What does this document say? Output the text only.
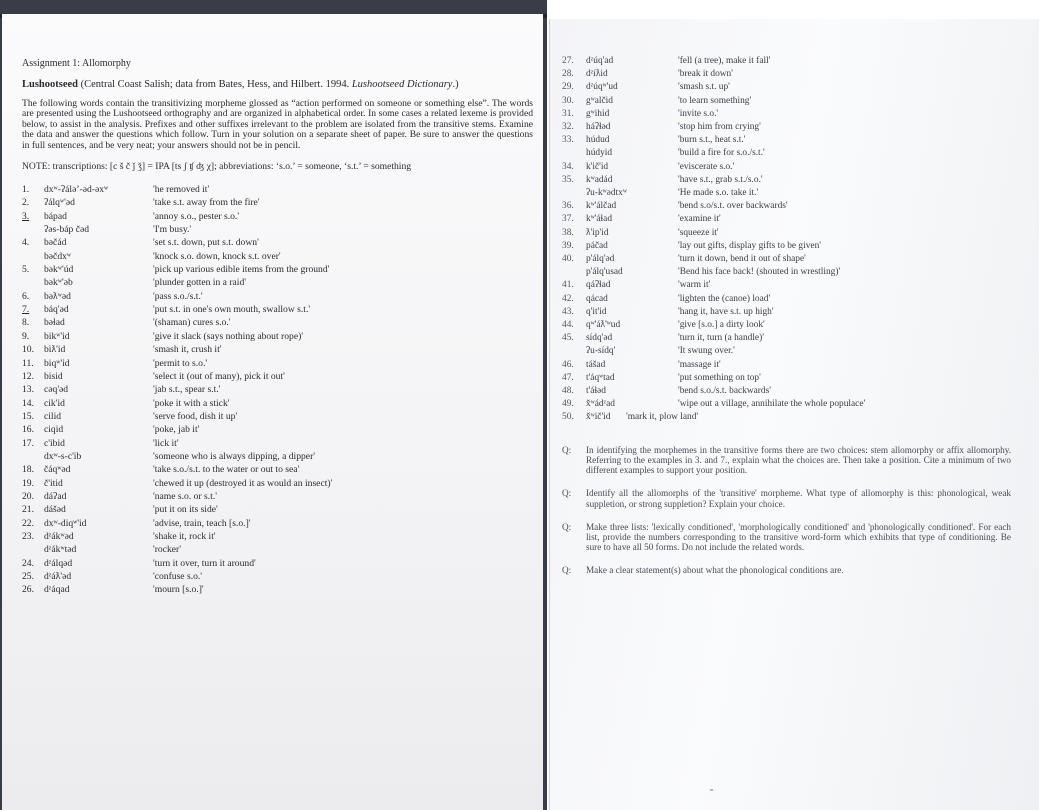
Assignment 1: Allomorphy
Lushootseed (Central Coast Salish; data from Bates, Hess, and Hilbert. 1994. Lushootseed Dictionary.)
The following words contain the transitivizing morpheme glossed as “action performed on someone or something else”. The words are presented using the Lushootseed orthography and are organized in alphabetical order. In some cases a related lexeme is provided below, to assist in the analysis. Prefixes and other suffixes irrelevant to the problem are isolated from the transitive stems. Examine the data and answer the questions which follow. Turn in your solution on a separate sheet of paper. Be sure to answer the questions in full sentences, and be very neat; your answers should not be in pencil.
NOTE: transcriptions: [c š č ǰ ǯ] = IPA [ts ʃ ʧ ʤ χ]; abbreviations: ‘s.o.’ = someone, ‘s.t.’ = something
1.	dxʷ-ʔáləʼ-əd-əxʷ	'he removed it'
2.	ʔálqʷ'əd	'take s.t. away from the fire'
3.	bápad	'annoy s.o., pester s.o.'
ʔəs-báp čəd	'I'm busy.'
4.	bəčád	'set s.t. down, put s.t. down'
bəčdxʷ	'knock s.o. down, knock s.t. over'
5.	bəkʷ'úd	'pick up various edible items from the ground'
bəkʷ'əb	'plunder gotten in a raid'
6.	bəƛʷəd	'pass s.o./s.t.'
7.	báq'əd	'put s.t. in one's own mouth, swallow s.t.'
8.	bəɬad	'(shaman) cures s.o.'
9.	bikʷ'id	'give it slack (says nothing about rope)'
10.	biƛ'id	'smash it, crush it'
11.	biqʷ'id	'permit to s.o.'
12.	bisid	'select it (out of many), pick it out'
13.	cəq'əd	'jab s.t., spear s.t.'
14.	cik'id	'poke it with a stick'
15.	cilid	'serve food, dish it up'
16.	ciqid	'poke, jab it'
17.	c'ibid	'lick it'
dxʷ-s-c'ib	'someone who is always dipping, a dipper'
18.	čáqʷəd	'take s.o./s.t. to the water or out to sea'
19.	č'itid	'chewed it up (destroyed it as would an insect)'
20.	dáʔad	'name s.o. or s.t.'
21.	dášəd	'put it on its side'
22.	dxʷ-diqʷ'id	'advise, train, teach [s.o.]'
23.	dᶻákʷəd	'shake it, rock it'
dᶻákʷtəd	'rocker'
24.	dᶻálqəd	'turn it over, turn it around'
25.	dᶻáƛ'əd	'confuse s.o.'
26.	dᶻáqad	'mourn [s.o.]'
27.	dᶻúq'ad	'fell (a tree), make it fall'
28.	dᶻíƛid	'break it down'
29.	dᶻúqʷ'ud	'smash s.t. up'
30.	gʷalčid	'to learn something'
31.	gʷihid	'invite s.o.'
32.	háʔɬəd	'stop him from crying'
33.	húdud	'burn s.t., heat s.t.'
húdyid	'build a fire for s.o./s.t.'
34.	k'ič'id	'eviscerate s.o.'
35.	kʷadád	'have s.t., grab s.t./s.o.'
ʔu-kʷədtxʷ	'He made s.o. take it.'
36.	kʷ'álčad	'bend s.o/s.t. over backwards'
37.	kʷ'áɬad	'examine it'
38.	ƛ'ip'id	'squeeze it'
39.	páčad	'lay out gifts, display gifts to be given'
40.	p'álq'əd	'turn it down, bend it out of shape'
p'álq'usad	'Bend his face back! (shouted in wrestling)'
41.	qáʔɬad	'warm it'
42.	qácad	'lighten the (canoe) load'
43.	q'it'id	'hang it, have s.t. up high'
44.	qʷ'áƛ'ʷud	'give [s.o.] a dirty look'
45.	sídq'əd	'turn it, turn (a handle)'
ʔu-sídq'	'It swung over.'
46.	tášad	'massage it'
47.	t'áqʷtad	'put something on top'
48.	t'áɬəd	'bend s.o./s.t. backwards'
49.	x̌ʷádᶻad	'wipe out a village, annihilate the whole populace'
50.	x̌ʷič'id	'mark it, plow land'
Q:	In identifying the morphemes in the transitive forms there are two choices: stem allomorphy or affix allomorphy. Referring to the examples in 3. and 7., explain what the choices are. Then take a position. Cite a minimum of two different examples to support your position.
Q:	Identify all the allomorphs of the 'transitive' morpheme. What type of allomorphy is this: phonological, weak suppletion, or strong suppletion? Explain your choice.
Q:	Make three lists: 'lexically conditioned', 'morphologically conditioned' and 'phonologically conditioned'. For each list, provide the numbers corresponding to the transitive word-form which exhibits that type of conditioning. Be sure to have all 50 forms. Do not include the related words.
Q:	Make a clear statement(s) about what the phonological conditions are.
